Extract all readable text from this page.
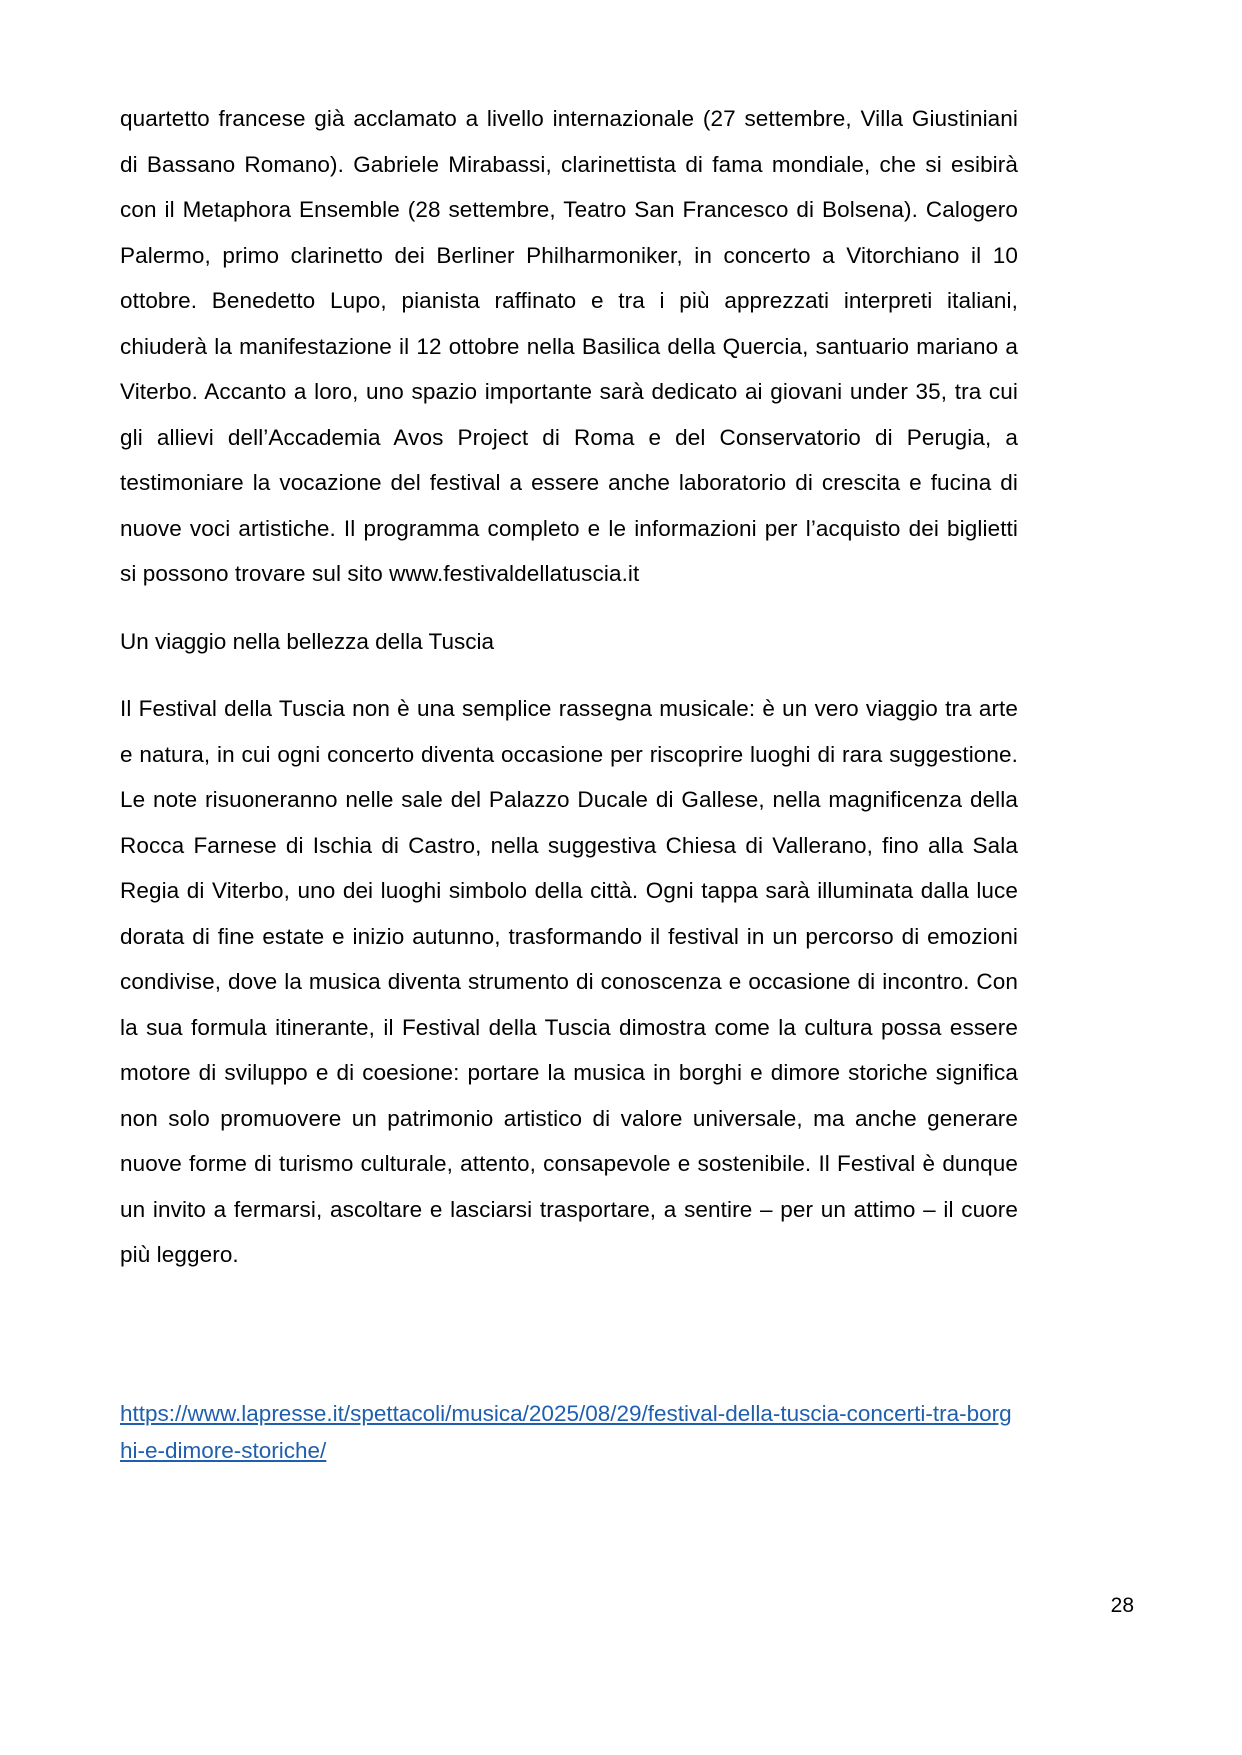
quartetto francese già acclamato a livello internazionale (27 settembre, Villa Giustiniani di Bassano Romano). Gabriele Mirabassi, clarinettista di fama mondiale, che si esibirà con il Metaphora Ensemble (28 settembre, Teatro San Francesco di Bolsena). Calogero Palermo, primo clarinetto dei Berliner Philharmoniker, in concerto a Vitorchiano il 10 ottobre. Benedetto Lupo, pianista raffinato e tra i più apprezzati interpreti italiani, chiuderà la manifestazione il 12 ottobre nella Basilica della Quercia, santuario mariano a Viterbo. Accanto a loro, uno spazio importante sarà dedicato ai giovani under 35, tra cui gli allievi dell’Accademia Avos Project di Roma e del Conservatorio di Perugia, a testimoniare la vocazione del festival a essere anche laboratorio di crescita e fucina di nuove voci artistiche. Il programma completo e le informazioni per l’acquisto dei biglietti si possono trovare sul sito www.festivaldellatuscia.it

Un viaggio nella bellezza della Tuscia

Il Festival della Tuscia non è una semplice rassegna musicale: è un vero viaggio tra arte e natura, in cui ogni concerto diventa occasione per riscoprire luoghi di rara suggestione. Le note risuoneranno nelle sale del Palazzo Ducale di Gallese, nella magnificenza della Rocca Farnese di Ischia di Castro, nella suggestiva Chiesa di Vallerano, fino alla Sala Regia di Viterbo, uno dei luoghi simbolo della città. Ogni tappa sarà illuminata dalla luce dorata di fine estate e inizio autunno, trasformando il festival in un percorso di emozioni condivise, dove la musica diventa strumento di conoscenza e occasione di incontro. Con la sua formula itinerante, il Festival della Tuscia dimostra come la cultura possa essere motore di sviluppo e di coesione: portare la musica in borghi e dimore storiche significa non solo promuovere un patrimonio artistico di valore universale, ma anche generare nuove forme di turismo culturale, attento, consapevole e sostenibile. Il Festival è dunque un invito a fermarsi, ascoltare e lasciarsi trasportare, a sentire – per un attimo – il cuore più leggero.

https://www.lapresse.it/spettacoli/musica/2025/08/29/festival-della-tuscia-concerti-tra-borghi-e-dimore-storiche/
28
